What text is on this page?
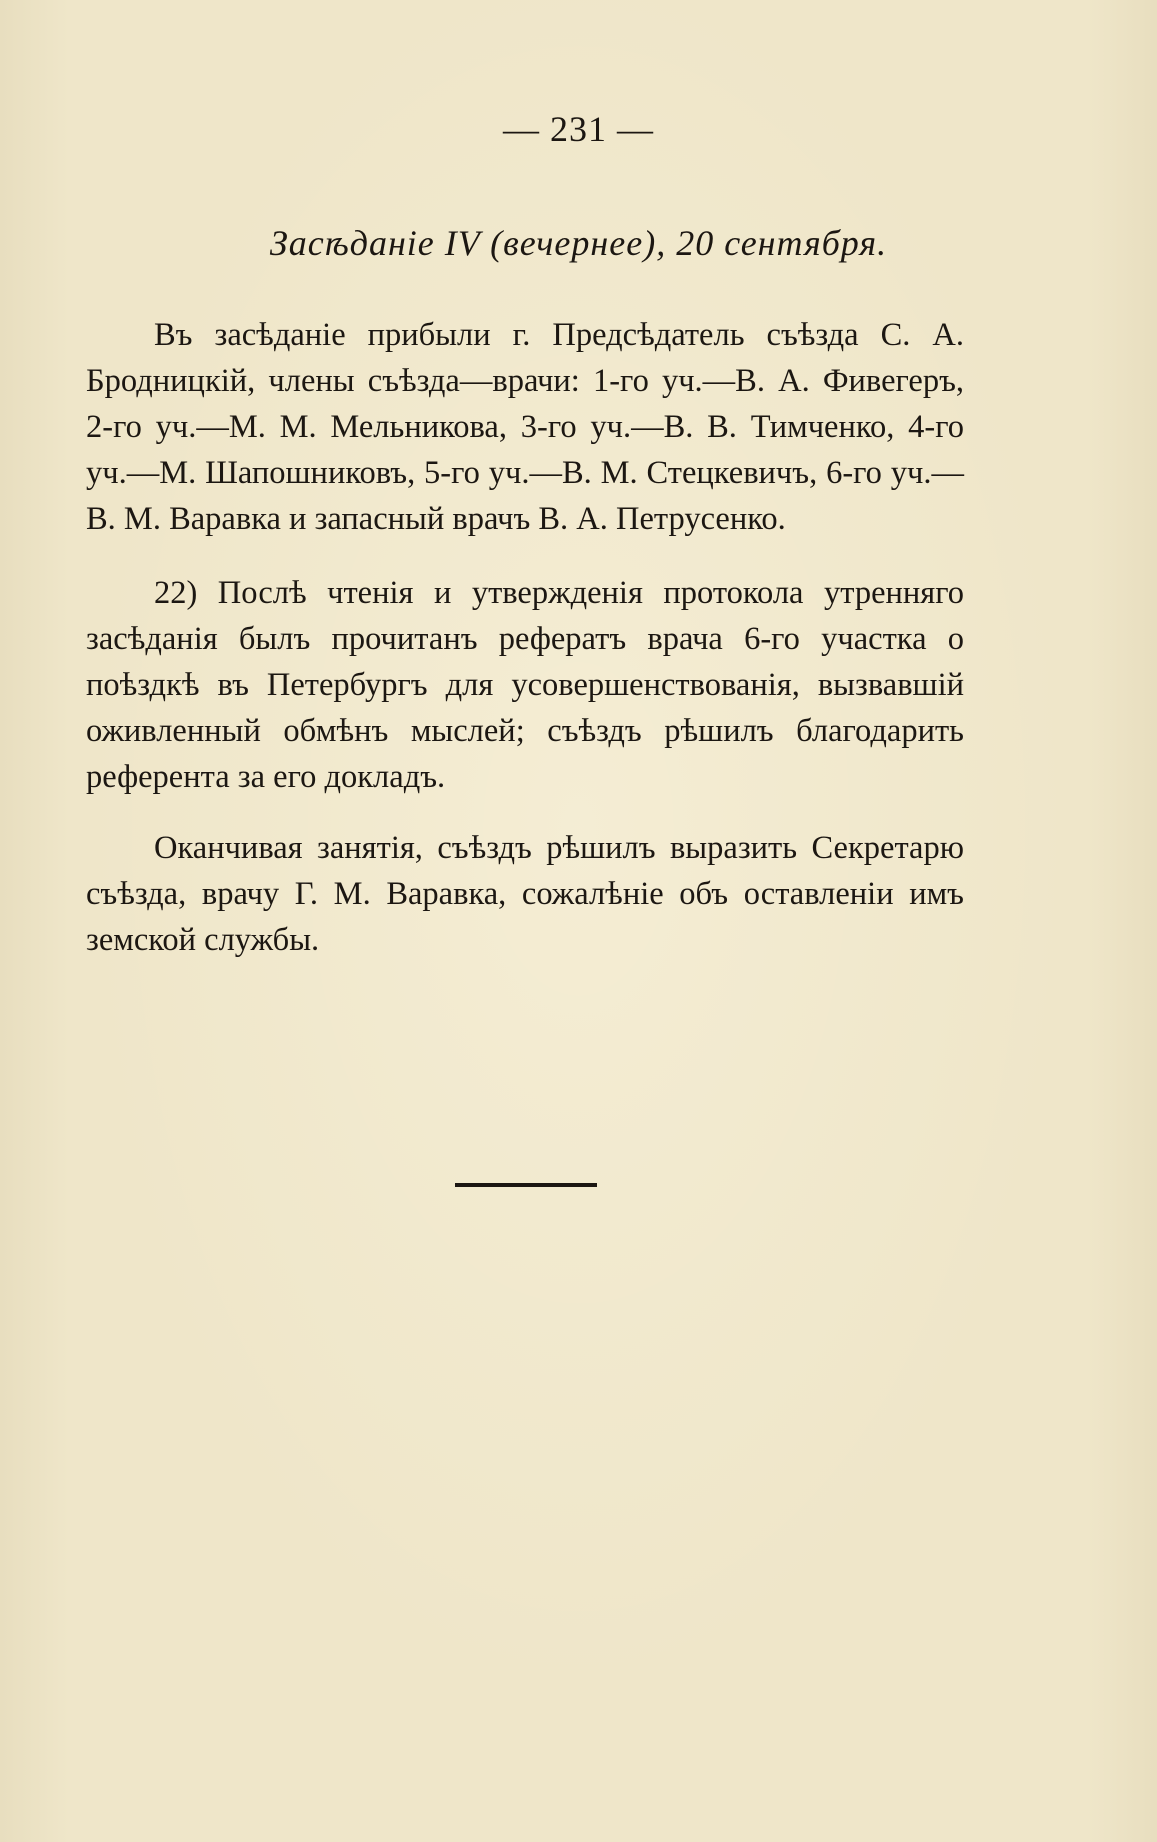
— 231 —
Засѣданіе IV (вечернее), 20 сентября.

Въ засѣданіе прибыли г. Предсѣдатель съѣзда С. А. Бродницкій, члены съѣзда—врачи: 1-го уч.—В. А. Фивегеръ, 2-го уч.—М. М. Мельникова, 3-го уч.—В. В. Тимченко, 4-го уч.—М. Шапошниковъ, 5-го уч.—В. М. Стецкевичъ, 6-го уч.— В. М. Варавка и запасный врачъ В. А. Петрусенко.

22) Послѣ чтенія и утвержденія протокола утренняго засѣданія былъ прочитанъ рефератъ врача 6-го участка о поѣздкѣ въ Петербургъ для усовершенствованія, вызвавшій оживленный обмѣнъ мыслей; съѣздъ рѣшилъ благодарить референта за его докладъ.

Оканчивая занятія, съѣздъ рѣшилъ выразить Секретарю съѣзда, врачу Г. М. Варавка, сожалѣніе объ оставленіи имъ земской службы.
